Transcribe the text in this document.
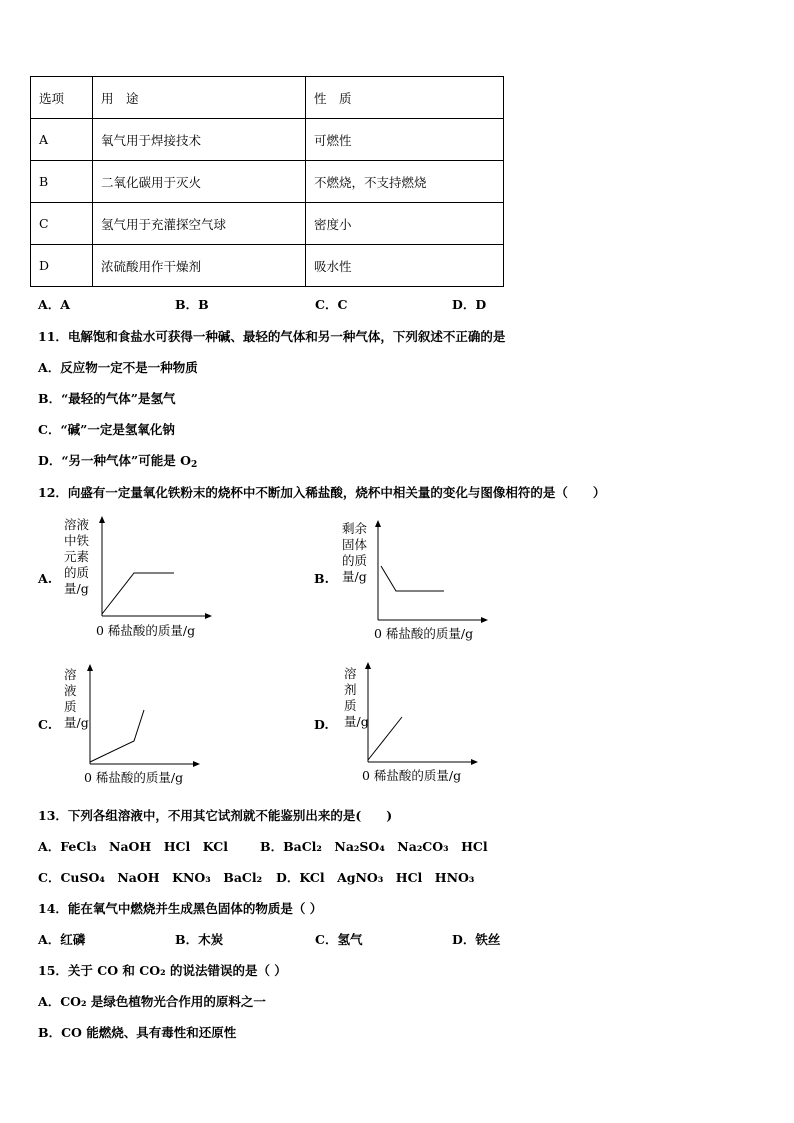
选项	用　途	性　质
A	氧气用于焊接技术	可燃性
B	二氧化碳用于灭火	不燃烧，不支持燃烧
C	氢气用于充灌探空气球	密度小
D	浓硫酸用作干燥剂	吸水性
A．A	B．B	C．C	D．D
11．电解饱和食盐水可获得一种碱、最轻的气体和另一种气体，下列叙述不正确的是
A．反应物一定不是一种物质
B．“最轻的气体”是氢气
C．“碱”一定是氢氧化钠
D．“另一种气体”可能是 $O_2$
12．向盛有一定量氧化铁粉末的烧杯中不断加入稀盐酸，烧杯中相关量的变化与图像相符的是（　　）
A.
溶液中铁元素的质量/g
0 稀盐酸的质量/g
B.
剩余固体的质量/g
0 稀盐酸的质量/g
C.
溶液质量/g
0 稀盐酸的质量/g
D.
溶剂质量/g
0 稀盐酸的质量/g
13．下列各组溶液中，不用其它试剂就不能鉴别出来的是(　　)
A．FeCl₃　NaOH　HCl　KCl	B．BaCl₂　Na₂SO₄　Na₂CO₃　HCl
C．CuSO₄　NaOH　KNO₃　BaCl₂ D．KCl　AgNO₃　HCl　HNO₃
14．能在氧气中燃烧并生成黑色固体的物质是（ ）
A．红磷	B．木炭	C．氢气	D．铁丝
15．关于 CO 和 CO₂ 的说法错误的是（ ）
A．CO₂ 是绿色植物光合作用的原料之一
B．CO 能燃烧、具有毒性和还原性
